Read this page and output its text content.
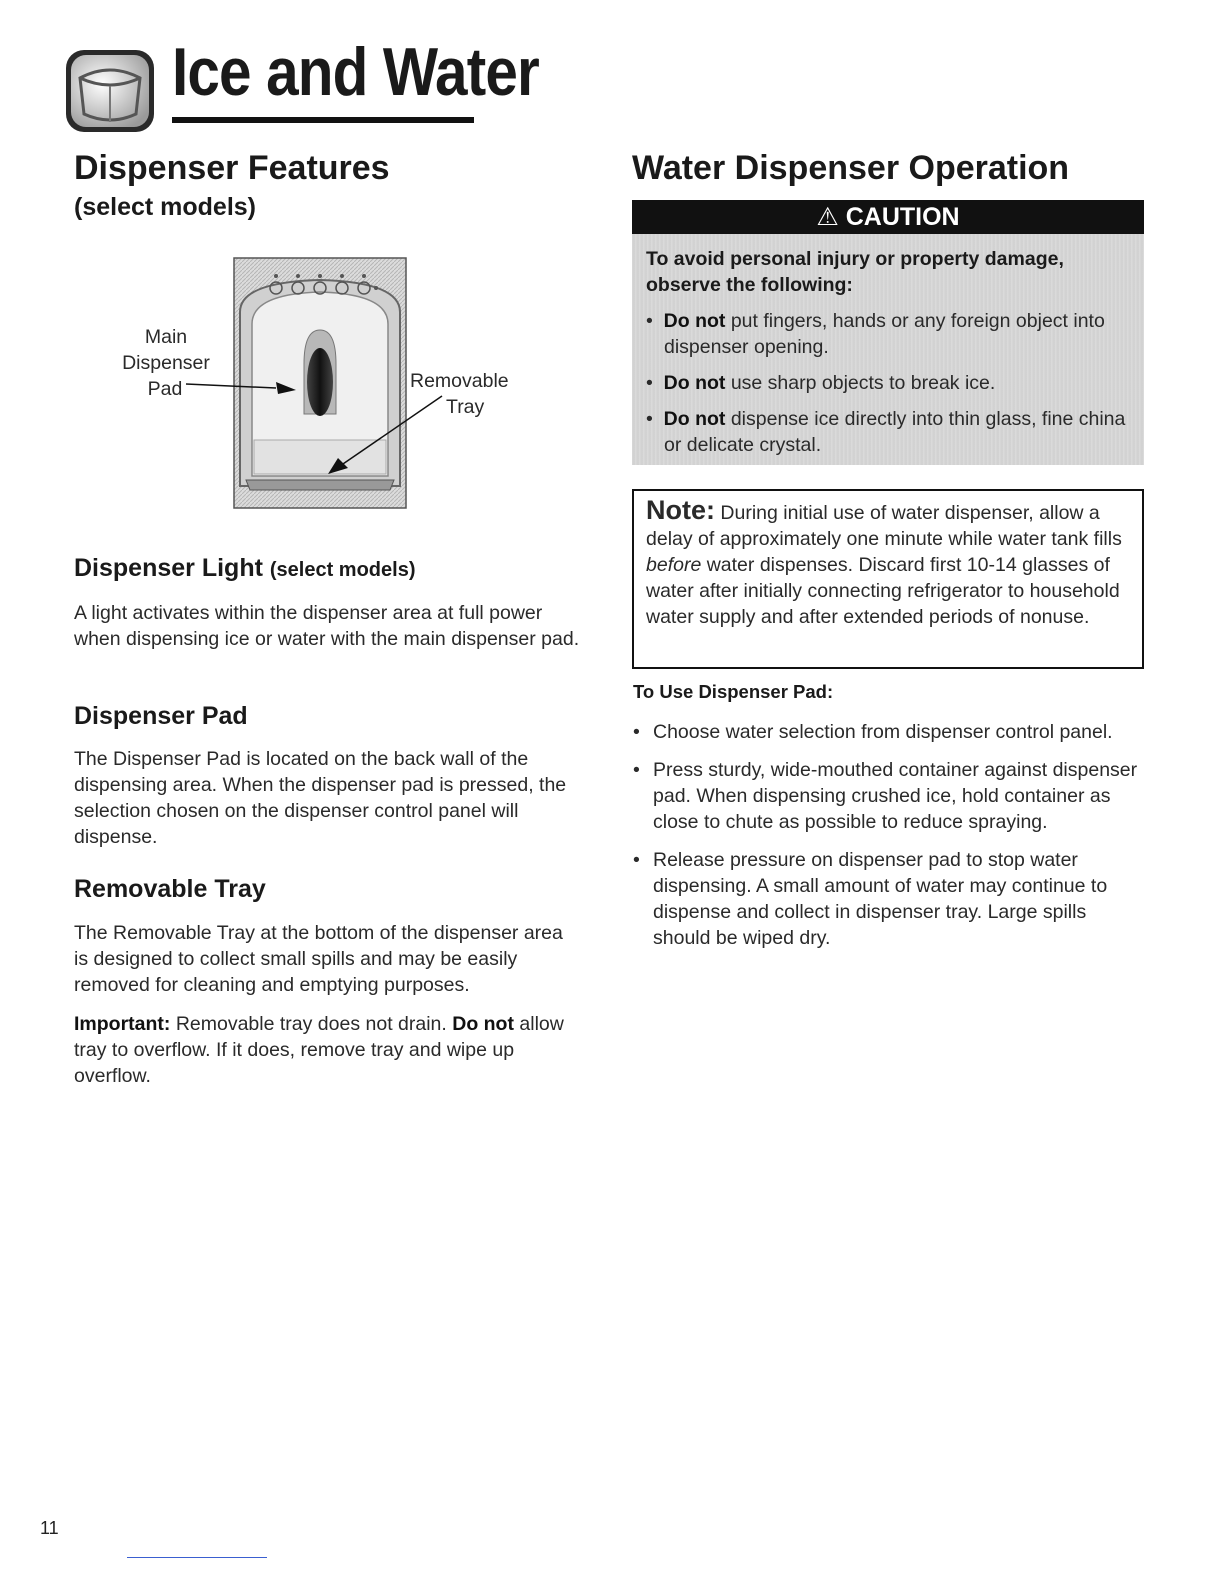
Ice and Water
Dispenser Features
(select models)
Main
Dispenser
Pad	Removable
Tray
Dispenser Light (select models)
A light activates within the dispenser area at full power when dispensing ice or water with the main dispenser pad.
Dispenser Pad
The Dispenser Pad is located on the back wall of the dispensing area. When the dispenser pad is pressed, the selection chosen on the dispenser control panel will dispense.
Removable Tray
The Removable Tray at the bottom of the dispenser area is designed to collect small spills and may be easily removed for cleaning and emptying purposes.
Important: Removable tray does not drain. Do not allow tray to overflow. If it does, remove tray and wipe up overflow.
Water Dispenser Operation
⚠ CAUTION
To avoid personal injury or property damage, observe the following:
•  Do not put fingers, hands or any foreign object into dispenser opening.
•  Do not use sharp objects to break ice.
•  Do not dispense ice directly into thin glass, fine china or delicate crystal.
Note: During initial use of water dispenser, allow a delay of approximately one minute while water tank fills before water dispenses. Discard first 10-14 glasses of water after initially connecting refrigerator to household water supply and after extended periods of nonuse.
To Use Dispenser Pad:
• Choose water selection from dispenser control panel.
• Press sturdy, wide-mouthed container against dispenser pad. When dispensing crushed ice, hold container as close to chute as possible to reduce spraying.
• Release pressure on dispenser pad to stop water dispensing. A small amount of water may continue to dispense and collect in dispenser tray. Large spills should be wiped dry.
11
